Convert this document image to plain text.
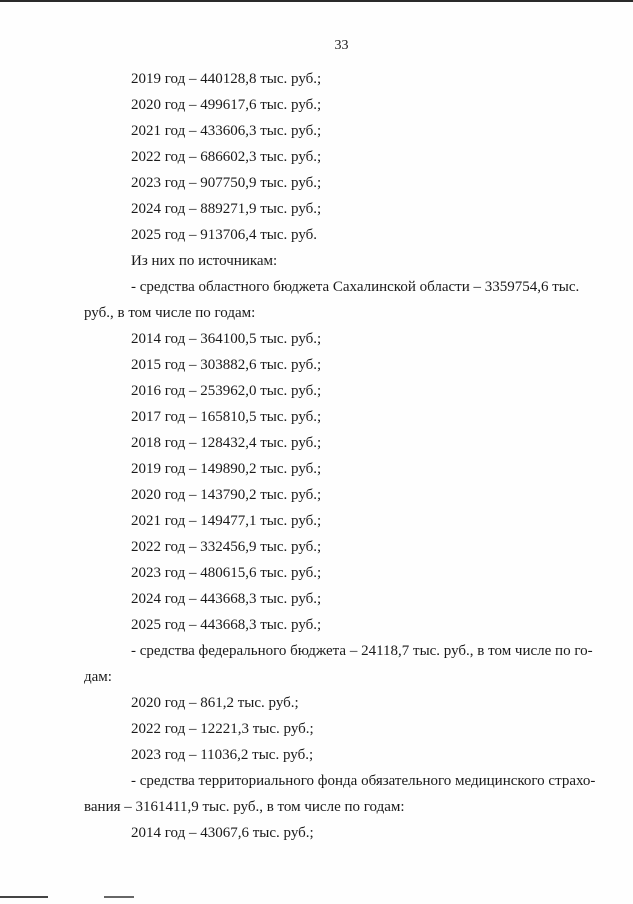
33
2019 год – 440128,8 тыс. руб.;
2020 год – 499617,6 тыс. руб.;
2021 год – 433606,3 тыс. руб.;
2022 год – 686602,3 тыс. руб.;
2023 год – 907750,9 тыс. руб.;
2024 год – 889271,9 тыс. руб.;
2025 год – 913706,4 тыс. руб.
Из них по источникам:
- средства областного бюджета Сахалинской области – 3359754,6 тыс.
руб., в том числе по годам:
2014 год – 364100,5 тыс. руб.;
2015 год – 303882,6 тыс. руб.;
2016 год – 253962,0 тыс. руб.;
2017 год – 165810,5 тыс. руб.;
2018 год – 128432,4 тыс. руб.;
2019 год – 149890,2 тыс. руб.;
2020 год – 143790,2 тыс. руб.;
2021 год – 149477,1 тыс. руб.;
2022 год – 332456,9 тыс. руб.;
2023 год – 480615,6 тыс. руб.;
2024 год – 443668,3 тыс. руб.;
2025 год – 443668,3 тыс. руб.;
- средства федерального бюджета – 24118,7 тыс. руб., в том числе по го-
дам:
2020 год – 861,2 тыс. руб.;
2022 год – 12221,3 тыс. руб.;
2023 год – 11036,2 тыс. руб.;
- средства территориального фонда обязательного медицинского страхо-
вания – 3161411,9 тыс. руб., в том числе по годам:
2014 год – 43067,6 тыс. руб.;
